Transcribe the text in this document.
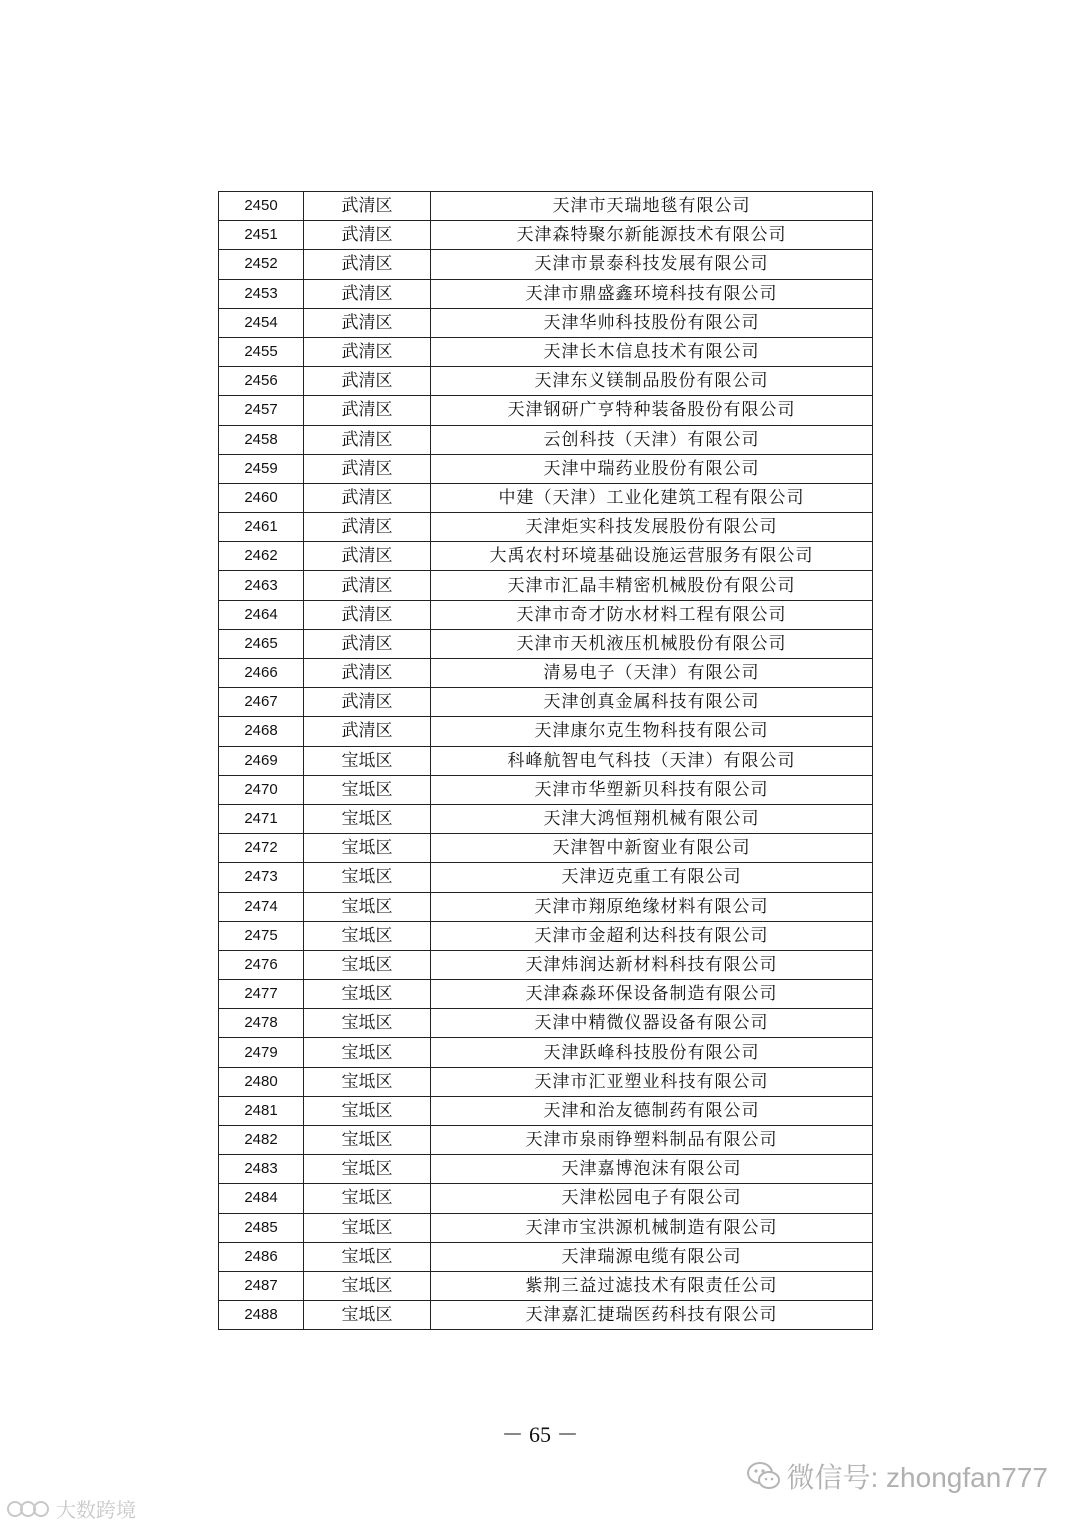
2450	武清区	天津市天瑞地毯有限公司
2451	武清区	天津森特聚尔新能源技术有限公司
2452	武清区	天津市景泰科技发展有限公司
2453	武清区	天津市鼎盛鑫环境科技有限公司
2454	武清区	天津华帅科技股份有限公司
2455	武清区	天津长木信息技术有限公司
2456	武清区	天津东义镁制品股份有限公司
2457	武清区	天津钢研广亨特种装备股份有限公司
2458	武清区	云创科技（天津）有限公司
2459	武清区	天津中瑞药业股份有限公司
2460	武清区	中建（天津）工业化建筑工程有限公司
2461	武清区	天津炬实科技发展股份有限公司
2462	武清区	大禹农村环境基础设施运营服务有限公司
2463	武清区	天津市汇晶丰精密机械股份有限公司
2464	武清区	天津市奇才防水材料工程有限公司
2465	武清区	天津市天机液压机械股份有限公司
2466	武清区	清易电子（天津）有限公司
2467	武清区	天津创真金属科技有限公司
2468	武清区	天津康尔克生物科技有限公司
2469	宝坻区	科峰航智电气科技（天津）有限公司
2470	宝坻区	天津市华塑新贝科技有限公司
2471	宝坻区	天津大鸿恒翔机械有限公司
2472	宝坻区	天津智中新窗业有限公司
2473	宝坻区	天津迈克重工有限公司
2474	宝坻区	天津市翔原绝缘材料有限公司
2475	宝坻区	天津市金超利达科技有限公司
2476	宝坻区	天津炜润达新材料科技有限公司
2477	宝坻区	天津森淼环保设备制造有限公司
2478	宝坻区	天津中精微仪器设备有限公司
2479	宝坻区	天津跃峰科技股份有限公司
2480	宝坻区	天津市汇亚塑业科技有限公司
2481	宝坻区	天津和治友德制药有限公司
2482	宝坻区	天津市泉雨铮塑料制品有限公司
2483	宝坻区	天津嘉博泡沫有限公司
2484	宝坻区	天津松园电子有限公司
2485	宝坻区	天津市宝洪源机械制造有限公司
2486	宝坻区	天津瑞源电缆有限公司
2487	宝坻区	紫荆三益过滤技术有限责任公司
2488	宝坻区	天津嘉汇捷瑞医药科技有限公司
－ 65 －
微信号: zhongfan777
大数跨境
